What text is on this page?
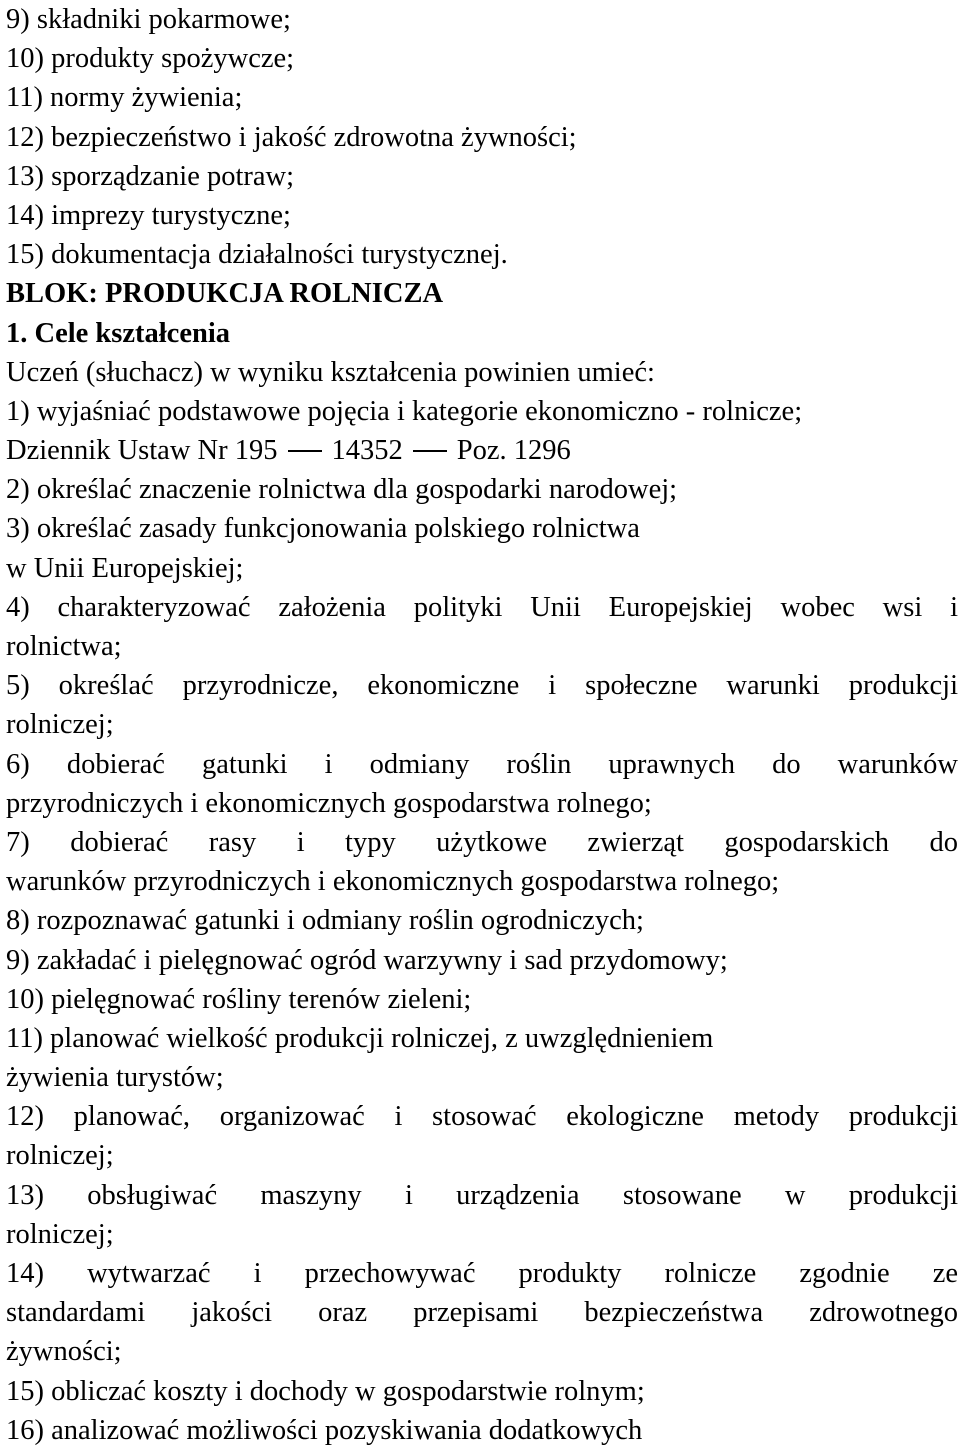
9) składniki pokarmowe;
10) produkty spożywcze;
11) normy żywienia;
12) bezpieczeństwo i jakość zdrowotna żywności;
13) sporządzanie potraw;
14) imprezy turystyczne;
15) dokumentacja działalności turystycznej.
BLOK: PRODUKCJA ROLNICZA
1. Cele kształcenia
Uczeń (słuchacz) w wyniku kształcenia powinien umieć:
1) wyjaśniać podstawowe pojęcia i kategorie ekonomiczno - rolnicze;
Dziennik Ustaw Nr 195 14352 Poz. 1296
2) określać znaczenie rolnictwa dla gospodarki narodowej;
3) określać zasady funkcjonowania polskiego rolnictwa
w Unii Europejskiej;
4) charakteryzować założenia polityki Unii Europejskiej wobec wsi i
rolnictwa;
5) określać przyrodnicze, ekonomiczne i społeczne warunki produkcji
rolniczej;
6) dobierać gatunki i odmiany roślin uprawnych do warunków
przyrodniczych i ekonomicznych gospodarstwa rolnego;
7) dobierać rasy i typy użytkowe zwierząt gospodarskich do
warunków przyrodniczych i ekonomicznych gospodarstwa rolnego;
8) rozpoznawać gatunki i odmiany roślin ogrodniczych;
9) zakładać i pielęgnować ogród warzywny i sad przydomowy;
10) pielęgnować rośliny terenów zieleni;
11) planować wielkość produkcji rolniczej, z uwzględnieniem
żywienia turystów;
12) planować, organizować i stosować ekologiczne metody produkcji
rolniczej;
13) obsługiwać maszyny i urządzenia stosowane w produkcji
rolniczej;
14) wytwarzać i przechowywać produkty rolnicze zgodnie ze
standardami jakości oraz przepisami bezpieczeństwa zdrowotnego
żywności;
15) obliczać koszty i dochody w gospodarstwie rolnym;
16) analizować możliwości pozyskiwania dodatkowych
